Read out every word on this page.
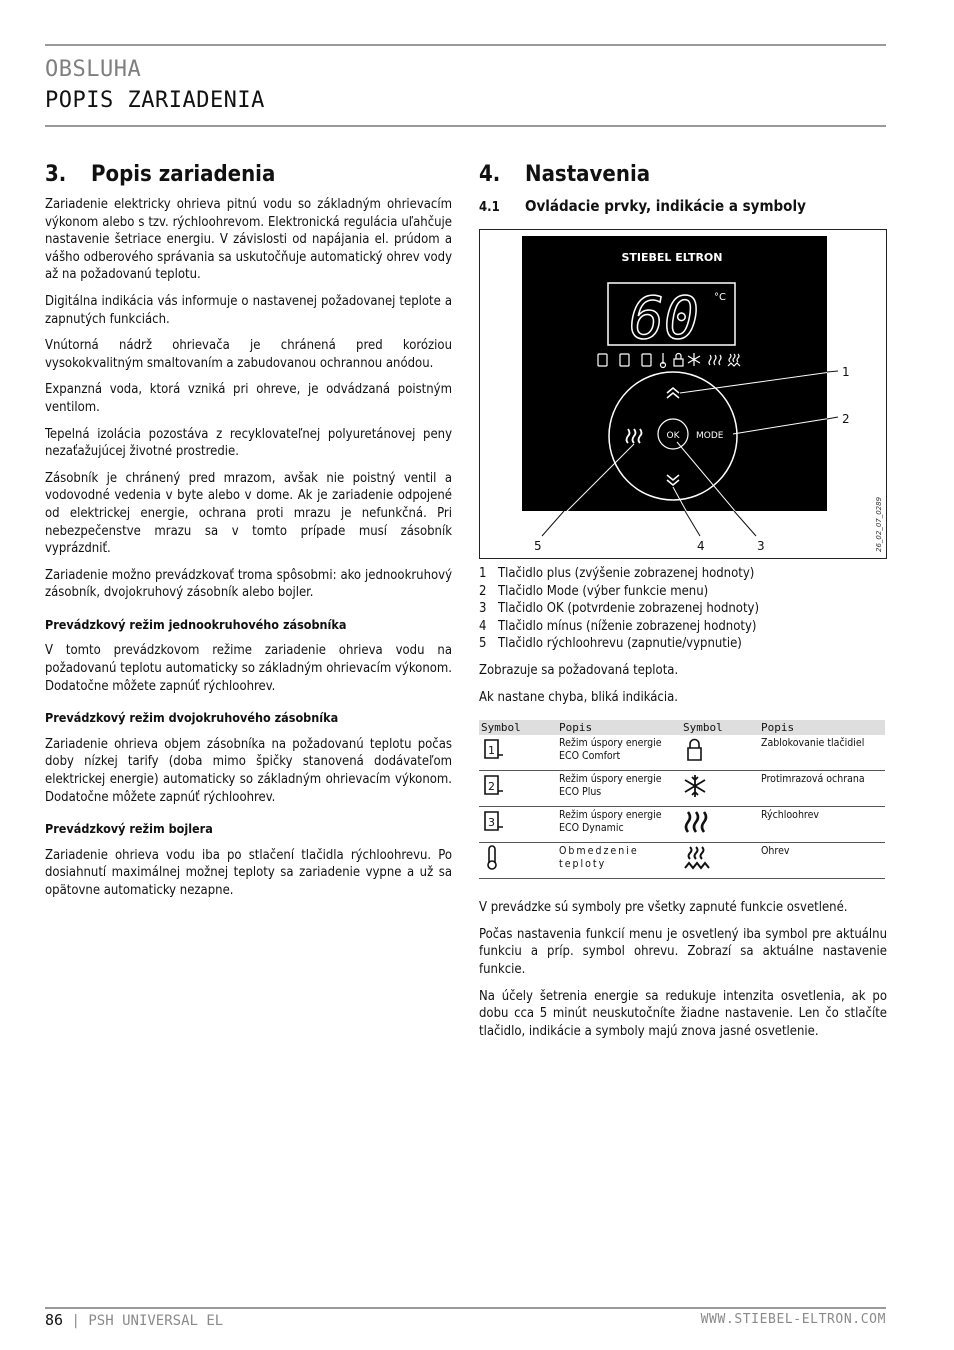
OBSLUHA
POPIS ZARIADENIA
3.	Popis zariadenia

Zariadenie elektricky ohrieva pitnú vodu so základným ohrievacím výkonom alebo s tzv. rýchloohrevom. Elektronická regulácia uľahčuje nastavenie šetriace energiu. V závislosti od napájania el. prúdom a vášho odberového správania sa uskutočňuje automatický ohrev vody až na požadovanú teplotu.

Digitálna indikácia vás informuje o nastavenej požadovanej teplote a zapnutých funkciách.

Vnútorná nádrž ohrievača je chránená pred koróziou vysokokvalitným smaltovaním a zabudovanou ochrannou anódou.

Expanzná voda, ktorá vzniká pri ohreve, je odvádzaná poistným ventilom.

Tepelná izolácia pozostáva z recyklovateľnej polyuretánovej peny nezaťažujúcej životné prostredie.

Zásobník je chránený pred mrazom, avšak nie poistný ventil a vodovodné vedenia v byte alebo v dome. Ak je zariadenie odpojené od elektrickej energie, ochrana proti mrazu je nefunkčná. Pri nebezpečenstve mrazu sa v tomto prípade musí zásobník vyprázdniť.

Zariadenie možno prevádzkovať troma spôsobmi: ako jednookruhový zásobník, dvojokruhový zásobník alebo bojler.

Prevádzkový režim jednookruhového zásobníka

V tomto prevádzkovom režime zariadenie ohrieva vodu na požadovanú teplotu automaticky so základným ohrievacím výkonom. Dodatočne môžete zapnúť rýchloohrev.

Prevádzkový režim dvojokruhového zásobníka

Zariadenie ohrieva objem zásobníka na požadovanú teplotu počas doby nízkej tarify (doba mimo špičky stanovená dodávateľom elektrickej energie) automaticky so základným ohrievacím výkonom. Dodatočne môžete zapnúť rýchloohrev.

Prevádzkový režim bojlera

Zariadenie ohrieva vodu iba po stlačení tlačidla rýchloohrevu. Po dosiahnutí maximálnej možnej teploty sa zariadenie vypne a už sa opätovne automaticky nezapne.

4.	Nastavenia
4.1	Ovládacie prvky, indikácie a symboly
STIEBEL ELTRON
60 °C
OK MODE
1
2
3
4
5	26_02_07_0289
1 Tlačidlo plus (zvýšenie zobrazenej hodnoty)
2 Tlačidlo Mode (výber funkcie menu)
3 Tlačidlo OK (potvrdenie zobrazenej hodnoty)
4 Tlačidlo mínus (níženie zobrazenej hodnoty)
5 Tlačidlo rýchloohrevu (zapnutie/vypnutie)

Zobrazuje sa požadovaná teplota.

Ak nastane chyba, bliká indikácia.

Symbol	Popis	Symbol	Popis

1	Režim úspory energie ECO Comfort		Zablokovanie tlačidiel

2	Režim úspory energie ECO Plus		Protimrazová ochrana

3	Režim úspory energie ECO Dynamic		Rýchloohrev
	Obmedzenie teploty		Ohrev

V prevádzke sú symboly pre všetky zapnuté funkcie osvetlené.

Počas nastavenia funkcií menu je osvetlený iba symbol pre aktuálnu funkciu a príp. symbol ohrevu. Zobrazí sa aktuálne nastavenie funkcie.

Na účely šetrenia energie sa redukuje intenzita osvetlenia, ak po dobu cca 5 minút neuskutočníte žiadne nastavenie. Len čo stlačíte tlačidlo, indikácie a symboly majú znova jasné osvetlenie.

86 | PSH UNIVERSAL EL	WWW.STIEBEL-ELTRON.COM
